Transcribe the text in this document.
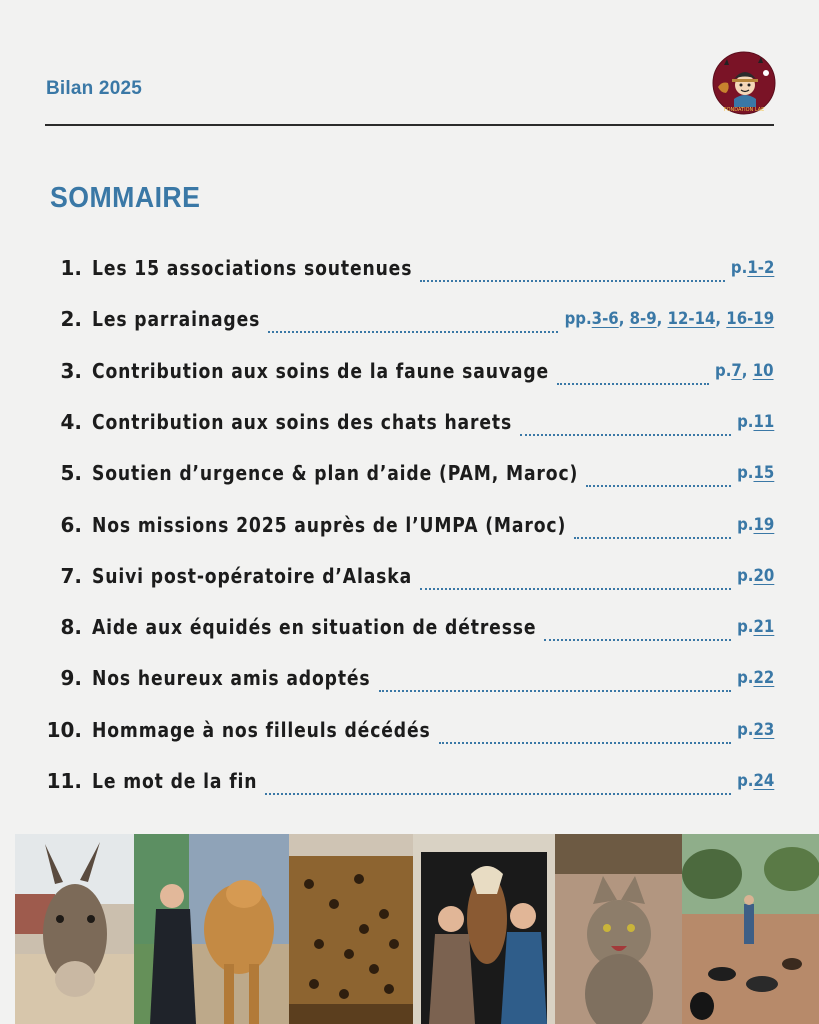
Bilan 2025
FONDATION LAE
SOMMAIRE
1. Les 15 associations soutenues	p.1-2
2. Les parrainages	pp.3-6, 8-9, 12-14, 16-19
3. Contribution aux soins de la faune sauvage	p.7, 10
4. Contribution aux soins des chats harets	p.11
5. Soutien d’urgence & plan d’aide (PAM, Maroc)	p.15
6. Nos missions 2025 auprès de l’UMPA (Maroc)	p.19
7. Suivi post-opératoire d’Alaska	p.20
8. Aide aux équidés en situation de détresse	p.21
9. Nos heureux amis adoptés	p.22
10. Hommage à nos filleuls décédés	p.23
11. Le mot de la fin	p.24
